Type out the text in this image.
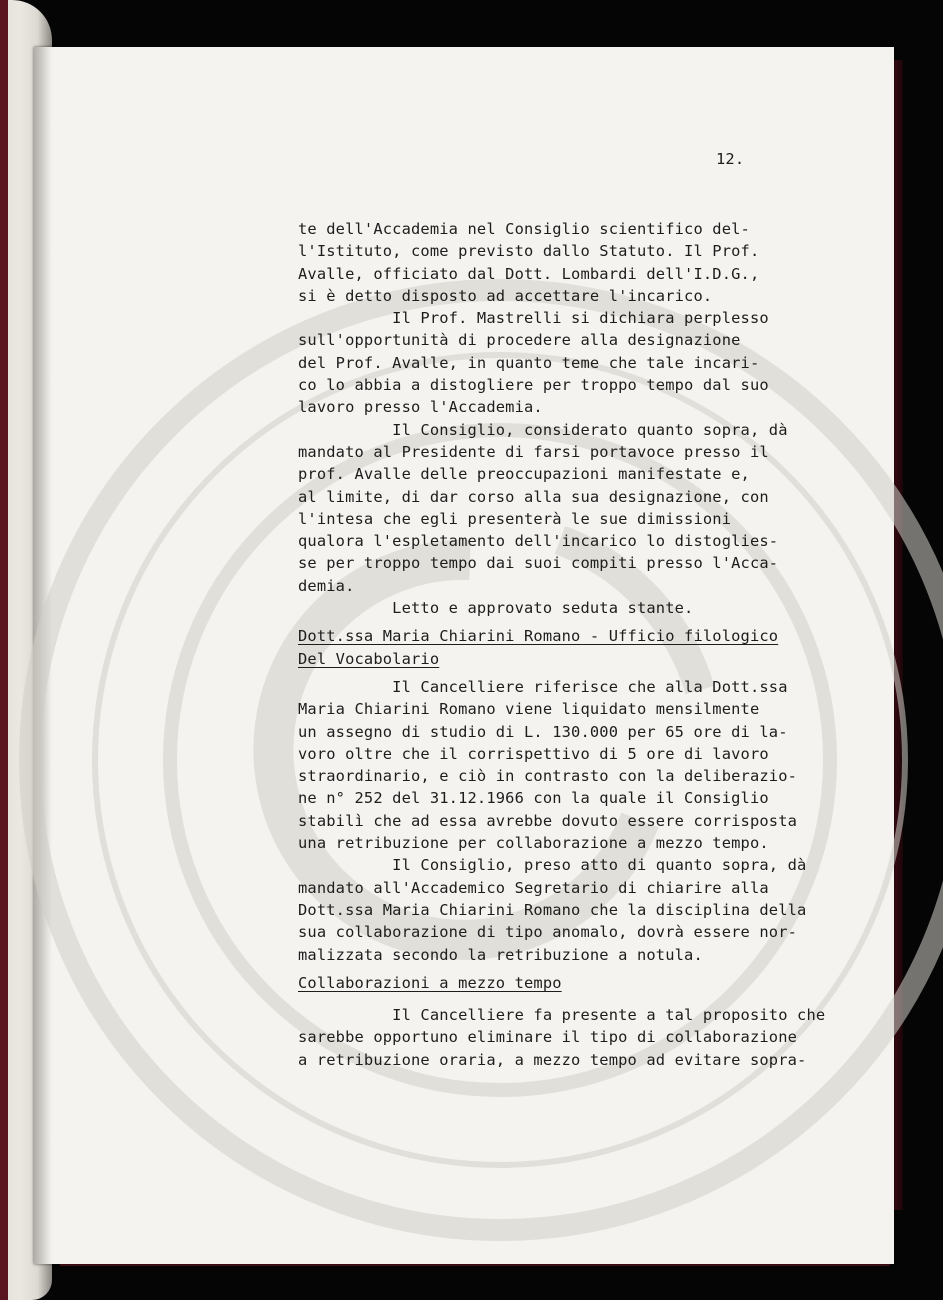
12.
te dell'Accademia nel Consiglio scientifico del-
l'Istituto, come previsto dallo Statuto. Il Prof.
Avalle, officiato dal Dott. Lombardi dell'I.D.G.,
si è detto disposto ad accettare l'incarico.
Il Prof. Mastrelli si dichiara perplesso
sull'opportunità di procedere alla designazione
del Prof. Avalle, in quanto teme che tale incari-
co lo abbia a distogliere per troppo tempo dal suo
lavoro presso l'Accademia.
Il Consiglio, considerato quanto sopra, dà
mandato al Presidente di farsi portavoce presso il
prof. Avalle delle preoccupazioni manifestate e,
al limite, di dar corso alla sua designazione, con
l'intesa che egli presenterà le sue dimissioni
qualora l'espletamento dell'incarico lo distoglies-
se per troppo tempo dai suoi compiti presso l'Acca-
demia.
Letto e approvato seduta stante.
Dott.ssa Maria Chiarini Romano - Ufficio filologico
Del Vocabolario
Il Cancelliere riferisce che alla Dott.ssa
Maria Chiarini Romano viene liquidato mensilmente
un assegno di studio di L. 130.000 per 65 ore di la-
voro oltre che il corrispettivo di 5 ore di lavoro
straordinario, e ciò in contrasto con la deliberazio-
ne n° 252 del 31.12.1966 con la quale il Consiglio
stabilì che ad essa avrebbe dovuto essere corrisposta
una retribuzione per collaborazione a mezzo tempo.
Il Consiglio, preso atto di quanto sopra, dà
mandato all'Accademico Segretario di chiarire alla
Dott.ssa Maria Chiarini Romano che la disciplina della
sua collaborazione di tipo anomalo, dovrà essere nor-
malizzata secondo la retribuzione a notula.
Collaborazioni a mezzo tempo
Il Cancelliere fa presente a tal proposito che
sarebbe opportuno eliminare il tipo di collaborazione
a retribuzione oraria, a mezzo tempo ad evitare sopra-
